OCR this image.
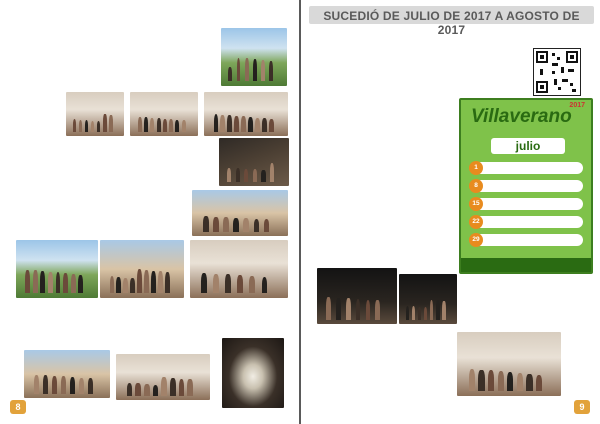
8
SUCEDIÓ DE JULIO DE 2017 A AGOSTO DE 2017
Villaverano
2017
julio
1
8
15
22
29
9
